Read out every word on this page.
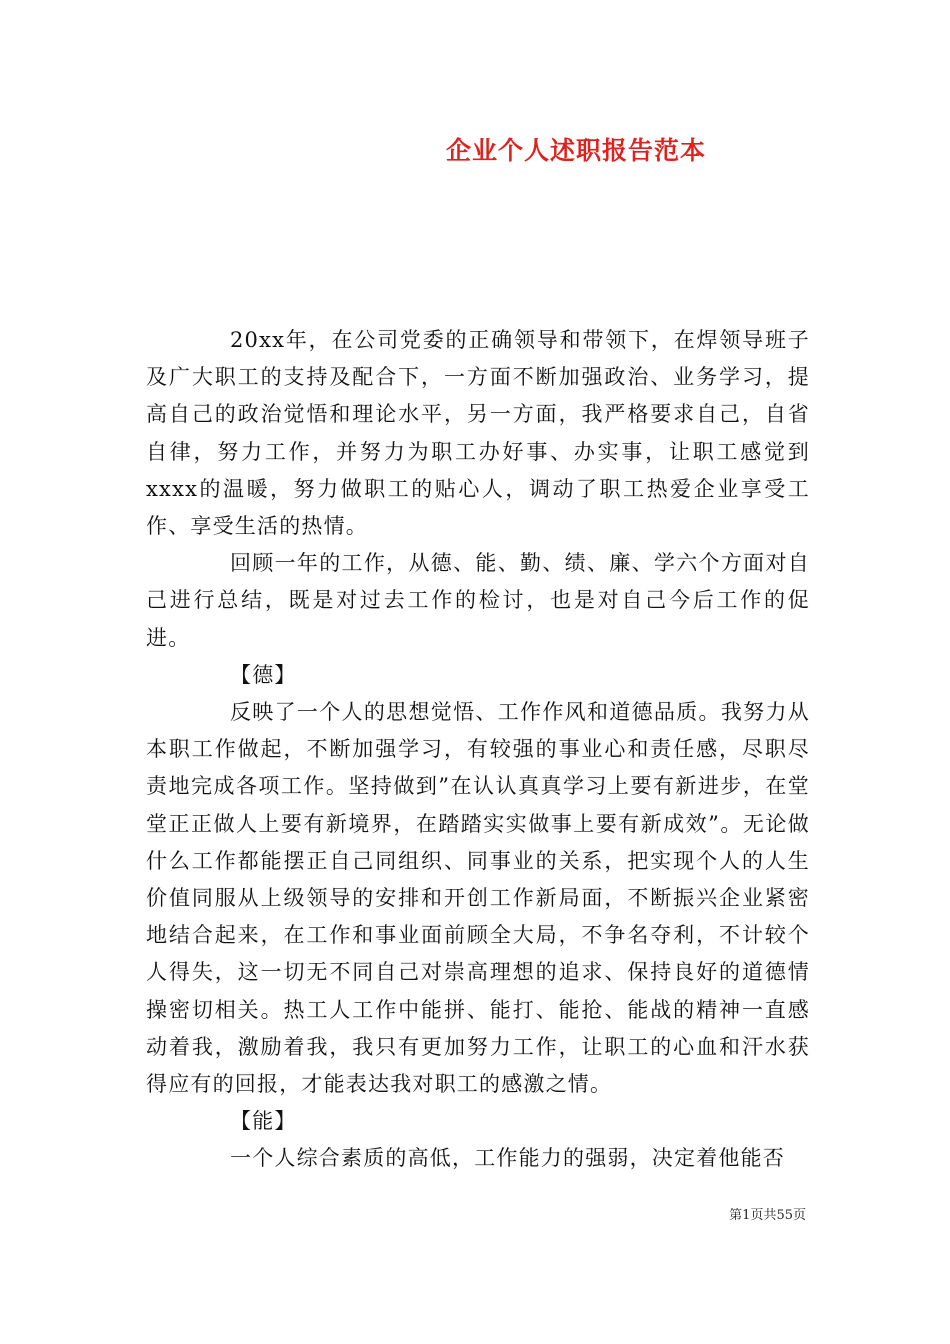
企业个人述职报告范本

20xx年，在公司党委的正确领导和带领下，在焊领导班子及广大职工的支持及配合下，一方面不断加强政治、业务学习，提高自己的政治觉悟和理论水平，另一方面，我严格要求自己，自省自律，努力工作，并努力为职工办好事、办实事，让职工感觉到xxxx的温暖，努力做职工的贴心人，调动了职工热爱企业享受工作、享受生活的热情。

回顾一年的工作，从德、能、勤、绩、廉、学六个方面对自己进行总结，既是对过去工作的检讨，也是对自己今后工作的促进。

【德】

反映了一个人的思想觉悟、工作作风和道德品质。我努力从本职工作做起，不断加强学习，有较强的事业心和责任感，尽职尽责地完成各项工作。坚持做到”在认认真真学习上要有新进步，在堂堂正正做人上要有新境界，在踏踏实实做事上要有新成效”。无论做什么工作都能摆正自己同组织、同事业的关系，把实现个人的人生价值同服从上级领导的安排和开创工作新局面，不断振兴企业紧密地结合起来，在工作和事业面前顾全大局，不争名夺利，不计较个人得失，这一切无不同自己对崇高理想的追求、保持良好的道德情操密切相关。热工人工作中能拼、能打、能抢、能战的精神一直感动着我，激励着我，我只有更加努力工作，让职工的心血和汗水获得应有的回报，才能表达我对职工的感激之情。

【能】

一个人综合素质的高低，工作能力的强弱，决定着他能否

第1页共55页
